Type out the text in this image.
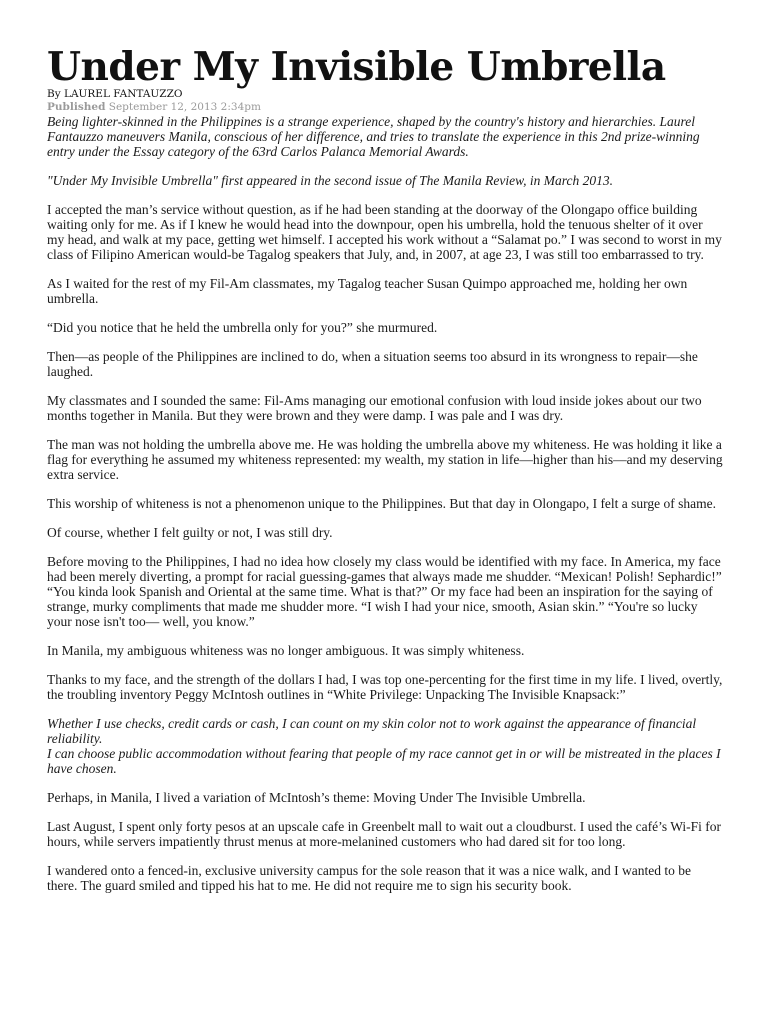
Under My Invisible Umbrella
By LAUREL FANTAUZZO
Published September 12, 2013 2:34pm

Being lighter-skinned in the Philippines is a strange experience, shaped by the country's history and hierarchies. Laurel Fantauzzo maneuvers Manila, conscious of her difference, and tries to translate the experience in this 2nd prize-winning entry under the Essay category of the 63rd Carlos Palanca Memorial Awards.

"Under My Invisible Umbrella" first appeared in the second issue of The Manila Review, in March 2013.

I accepted the man’s service without question, as if he had been standing at the doorway of the Olongapo office building waiting only for me. As if I knew he would head into the downpour, open his umbrella, hold the tenuous shelter of it over my head, and walk at my pace, getting wet himself. I accepted his work without a “Salamat po.” I was second to worst in my class of Filipino American would-be Tagalog speakers that July, and, in 2007, at age 23, I was still too embarrassed to try.

As I waited for the rest of my Fil-Am classmates, my Tagalog teacher Susan Quimpo approached me, holding her own umbrella.

“Did you notice that he held the umbrella only for you?” she murmured.

Then—as people of the Philippines are inclined to do, when a situation seems too absurd in its wrongness to repair—she laughed.

My classmates and I sounded the same: Fil-Ams managing our emotional confusion with loud inside jokes about our two months together in Manila. But they were brown and they were damp. I was pale and I was dry.

The man was not holding the umbrella above me. He was holding the umbrella above my whiteness. He was holding it like a flag for everything he assumed my whiteness represented: my wealth, my station in life—higher than his—and my deserving extra service.

This worship of whiteness is not a phenomenon unique to the Philippines. But that day in Olongapo, I felt a surge of shame.

Of course, whether I felt guilty or not, I was still dry.

Before moving to the Philippines, I had no idea how closely my class would be identified with my face. In America, my face had been merely diverting, a prompt for racial guessing-games that always made me shudder. “Mexican! Polish! Sephardic!” “You kinda look Spanish and Oriental at the same time. What is that?” Or my face had been an inspiration for the saying of strange, murky compliments that made me shudder more. “I wish I had your nice, smooth, Asian skin.” “You're so lucky your nose isn't too— well, you know.”

In Manila, my ambiguous whiteness was no longer ambiguous. It was simply whiteness.

Thanks to my face, and the strength of the dollars I had, I was top one-percenting for the first time in my life. I lived, overtly, the troubling inventory Peggy McIntosh outlines in “White Privilege: Unpacking The Invisible Knapsack:”

Whether I use checks, credit cards or cash, I can count on my skin color not to work against the appearance of financial reliability.

I can choose public accommodation without fearing that people of my race cannot get in or will be mistreated in the places I have chosen.

Perhaps, in Manila, I lived a variation of McIntosh’s theme: Moving Under The Invisible Umbrella.

Last August, I spent only forty pesos at an upscale cafe in Greenbelt mall to wait out a cloudburst. I used the café’s Wi-Fi for hours, while servers impatiently thrust menus at more-melanined customers who had dared sit for too long.

I wandered onto a fenced-in, exclusive university campus for the sole reason that it was a nice walk, and I wanted to be there. The guard smiled and tipped his hat to me. He did not require me to sign his security book.
